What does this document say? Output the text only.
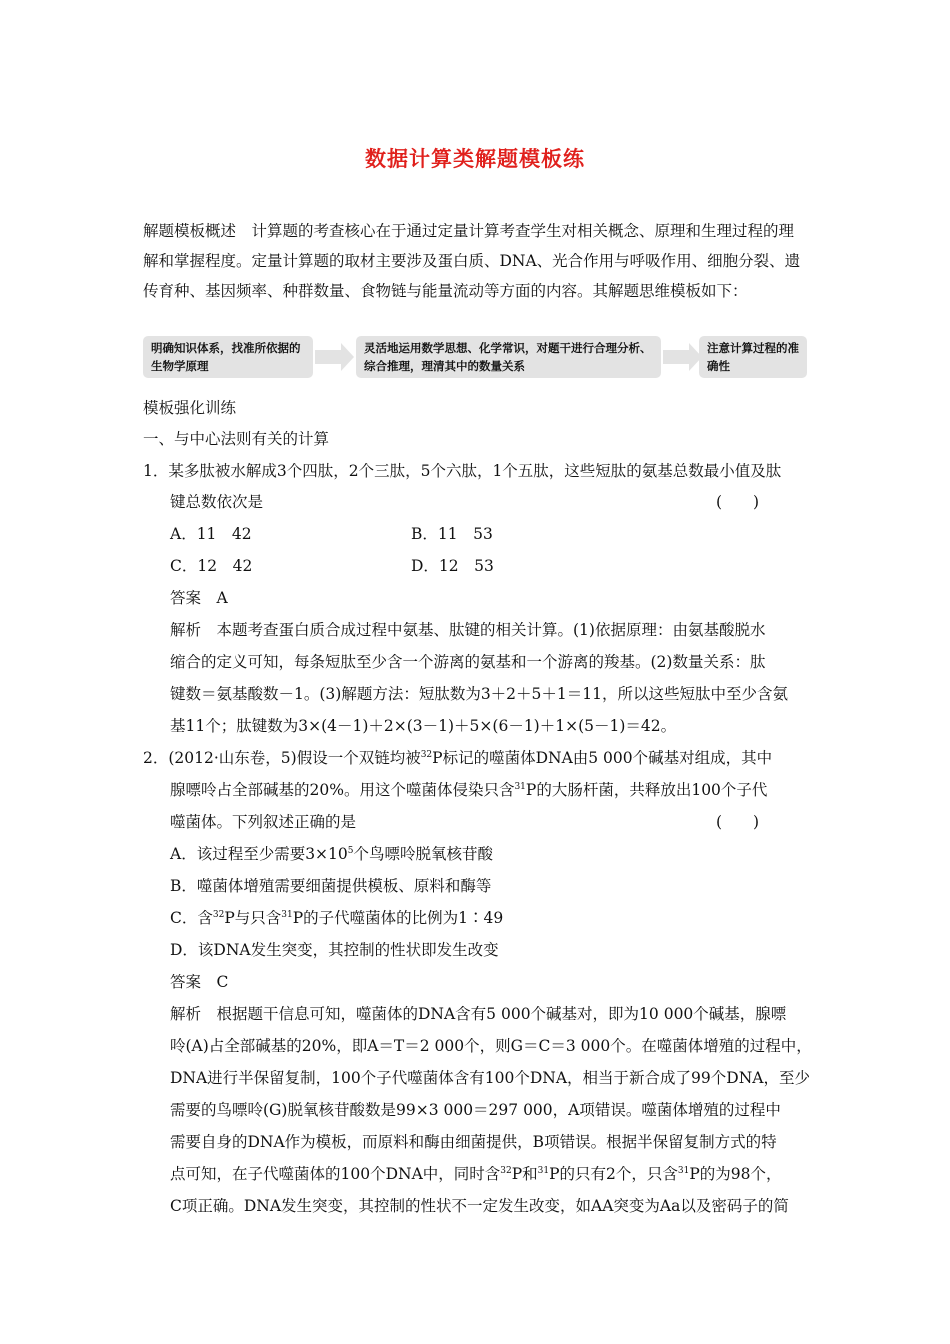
数据计算类解题模板练
解题模板概述　计算题的考查核心在于通过定量计算考查学生对相关概念、原理和生理过程的理解和掌握程度。定量计算题的取材主要涉及蛋白质、DNA、光合作用与呼吸作用、细胞分裂、遗传育种、基因频率、种群数量、食物链与能量流动等方面的内容。其解题思维模板如下：
明确知识体系，找准所依据的生物学原理
灵活地运用数学思想、化学常识，对题干进行合理分析、综合推理，理清其中的数量关系
注意计算过程的准确性
模板强化训练
一、与中心法则有关的计算
1．某多肽被水解成3个四肽，2个三肽，5个六肽，1个五肽，这些短肽的氨基总数最小值及肽
键总数依次是	(　　)
A．11　42	B．11　53
C．12　42	D．12　53
答案　A
解析　本题考查蛋白质合成过程中氨基、肽键的相关计算。(1)依据原理：由氨基酸脱水
缩合的定义可知，每条短肽至少含一个游离的氨基和一个游离的羧基。(2)数量关系：肽
键数＝氨基酸数－1。(3)解题方法：短肽数为3＋2＋5＋1＝11，所以这些短肽中至少含氨
基11个；肽键数为3×(4－1)＋2×(3－1)＋5×(6－1)＋1×(5－1)＝42。
2．(2012·山东卷，5)假设一个双链均被$^{32}$P标记的噬菌体DNA由5 000个碱基对组成，其中
腺嘌呤占全部碱基的20%。用这个噬菌体侵染只含$^{31}$P的大肠杆菌，共释放出100个子代
噬菌体。下列叙述正确的是	(　　)
A．该过程至少需要$3\times 10^5$个鸟嘌呤脱氧核苷酸
B．噬菌体增殖需要细菌提供模板、原料和酶等
C．含$^{32}$P与只含$^{31}$P的子代噬菌体的比例为1∶49
D．该DNA发生突变，其控制的性状即发生改变
答案　C
解析　根据题干信息可知，噬菌体的DNA含有5 000个碱基对，即为10 000个碱基，腺嘌
呤(A)占全部碱基的20%，即A＝T＝2 000个，则G＝C＝3 000个。在噬菌体增殖的过程中，
DNA进行半保留复制，100个子代噬菌体含有100个DNA，相当于新合成了99个DNA，至少
需要的鸟嘌呤(G)脱氧核苷酸数是99×3 000＝297 000，A项错误。噬菌体增殖的过程中
需要自身的DNA作为模板，而原料和酶由细菌提供，B项错误。根据半保留复制方式的特
点可知，在子代噬菌体的100个DNA中，同时含$^{32}$P和$^{31}$P的只有2个，只含$^{31}$P的为98个，
C项正确。DNA发生突变，其控制的性状不一定发生改变，如AA突变为Aa以及密码子的简
